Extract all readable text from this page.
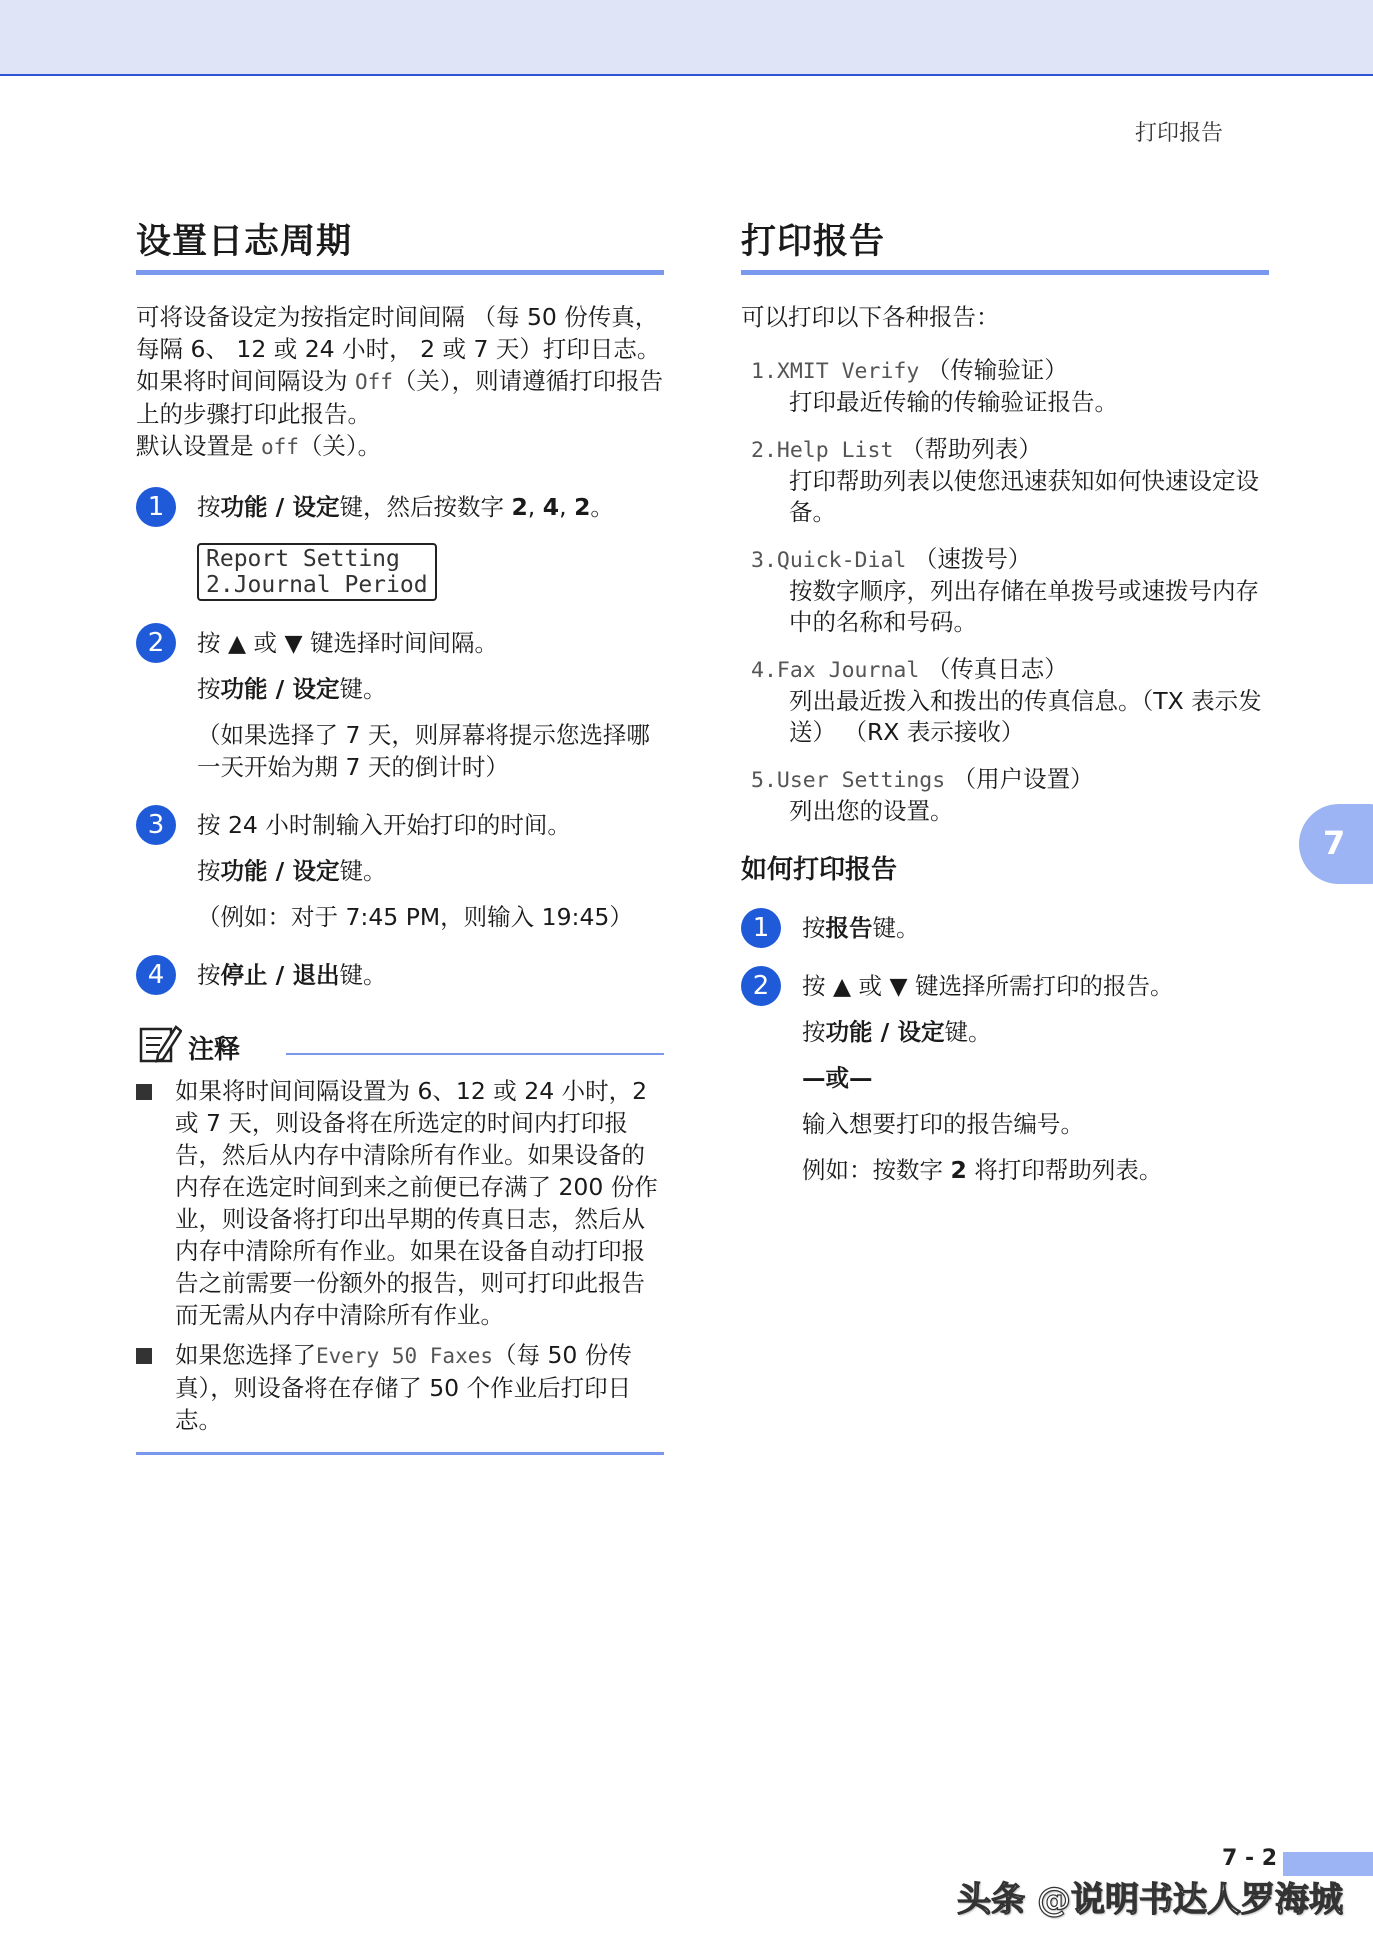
打印报告
设置日志周期

可将设备设定为按指定时间间隔 （每 50 份传真，每隔 6、 12 或 24 小时， 2 或 7 天）打印日志。如果将时间间隔设为 Off（关），则请遵循打印报告上的步骤打印此报告。
默认设置是 off（关）。

1	按功能 / 设定键，然后按数字 2, 4, 2。

Report Setting
2.Journal Period
2	按 ▲ 或 ▼ 键选择时间间隔。
按功能 / 设定键。
（如果选择了 7 天，则屏幕将提示您选择哪一天开始为期 7 天的倒计时）
3	按 24 小时制输入开始打印的时间。
按功能 / 设定键。
（例如：对于 7:45 PM，则输入 19:45）
4	按停止 / 退出键。
注释
如果将时间间隔设置为 6、12 或 24 小时，2 或 7 天，则设备将在所选定的时间内打印报告，然后从内存中清除所有作业。如果设备的内存在选定时间到来之前便已存满了 200 份作业，则设备将打印出早期的传真日志，然后从内存中清除所有作业。如果在设备自动打印报告之前需要一份额外的报告，则可打印此报告而无需从内存中清除所有作业。
如果您选择了Every 50 Faxes（每 50 份传真），则设备将在存储了 50 个作业后打印日志。
打印报告

可以打印以下各种报告：

1.XMIT Verify （传输验证）
打印最近传输的传输验证报告。
2.Help List （帮助列表）
打印帮助列表以使您迅速获知如何快速设定设备。
3.Quick-Dial （速拨号）
按数字顺序，列出存储在单拨号或速拨号内存中的名称和号码。
4.Fax Journal （传真日志）
列出最近拨入和拨出的传真信息。（TX 表示发送） （RX 表示接收）
5.User Settings （用户设置）
列出您的设置。
如何打印报告
1	按报告键。
2	按 ▲ 或 ▼ 键选择所需打印的报告。
按功能 / 设定键。
—或—
输入想要打印的报告编号。
例如：按数字 2 将打印帮助列表。
7
7 - 2
头条 @说明书达人罗海城
